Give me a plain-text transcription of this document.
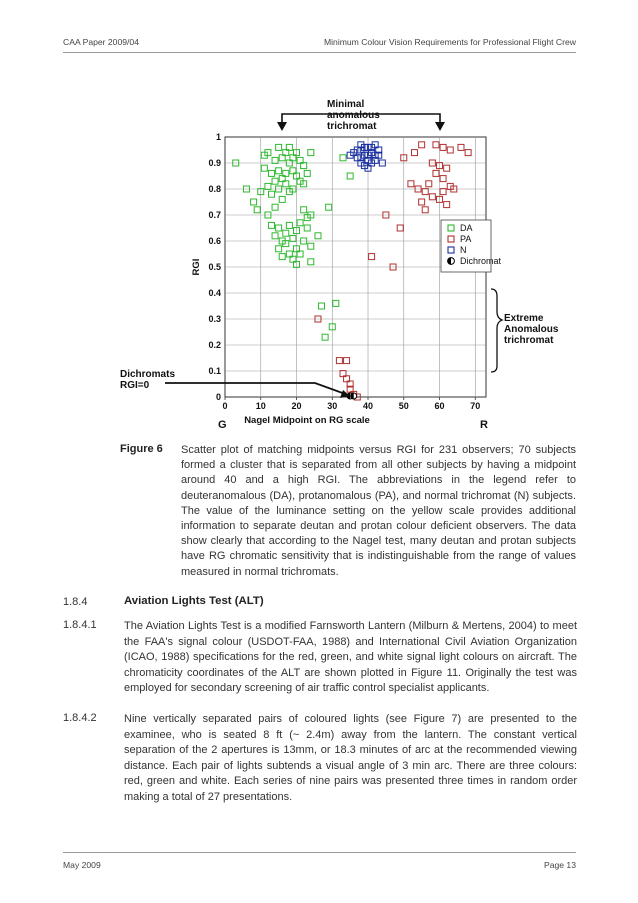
CAA Paper 2009/04	Minimum Colour Vision Requirements for Professional Flight Crew
0	10	20	30	40	50	60	70
0
0.1
0.2
0.3
0.4
0.5
0.6
0.7
0.8
0.9
1
Nagel Midpoint on RG scale
RGI
G	R
Minimal
anomalous
trichromat
Extreme
Anomalous
trichromat
Dichromats
RGI=0
DA
PA
N
Dichromat
Figure 6 Scatter plot of matching midpoints versus RGI for 231 observers; 70 subjects formed a cluster that is separated from all other subjects by having a midpoint around 40 and a high RGI. The abbreviations in the legend refer to deuteranomalous (DA), protanomalous (PA), and normal trichromat (N) subjects. The value of the luminance setting on the yellow scale provides additional information to separate deutan and protan colour deficient observers. The data show clearly that according to the Nagel test, many deutan and protan subjects have RG chromatic sensitivity that is indistinguishable from the range of values measured in normal trichromats.
1.8.4	Aviation Lights Test (ALT)
1.8.4.1 The Aviation Lights Test is a modified Farnsworth Lantern (Milburn & Mertens, 2004) to meet the FAA's signal colour (USDOT-FAA, 1988) and International Civil Aviation Organization (ICAO, 1988) specifications for the red, green, and white signal light colours on aircraft. The chromaticity coordinates of the ALT are shown plotted in Figure 11. Originally the test was employed for secondary screening of air traffic control specialist applicants.
1.8.4.2 Nine vertically separated pairs of coloured lights (see Figure 7) are presented to the examinee, who is seated 8 ft (~ 2.4m) away from the lantern. The constant vertical separation of the 2 apertures is 13mm, or 18.3 minutes of arc at the recommended viewing distance. Each pair of lights subtends a visual angle of 3 min arc. There are three colours: red, green and white. Each series of nine pairs was presented three times in random order making a total of 27 presentations.
May 2009	Page 13
